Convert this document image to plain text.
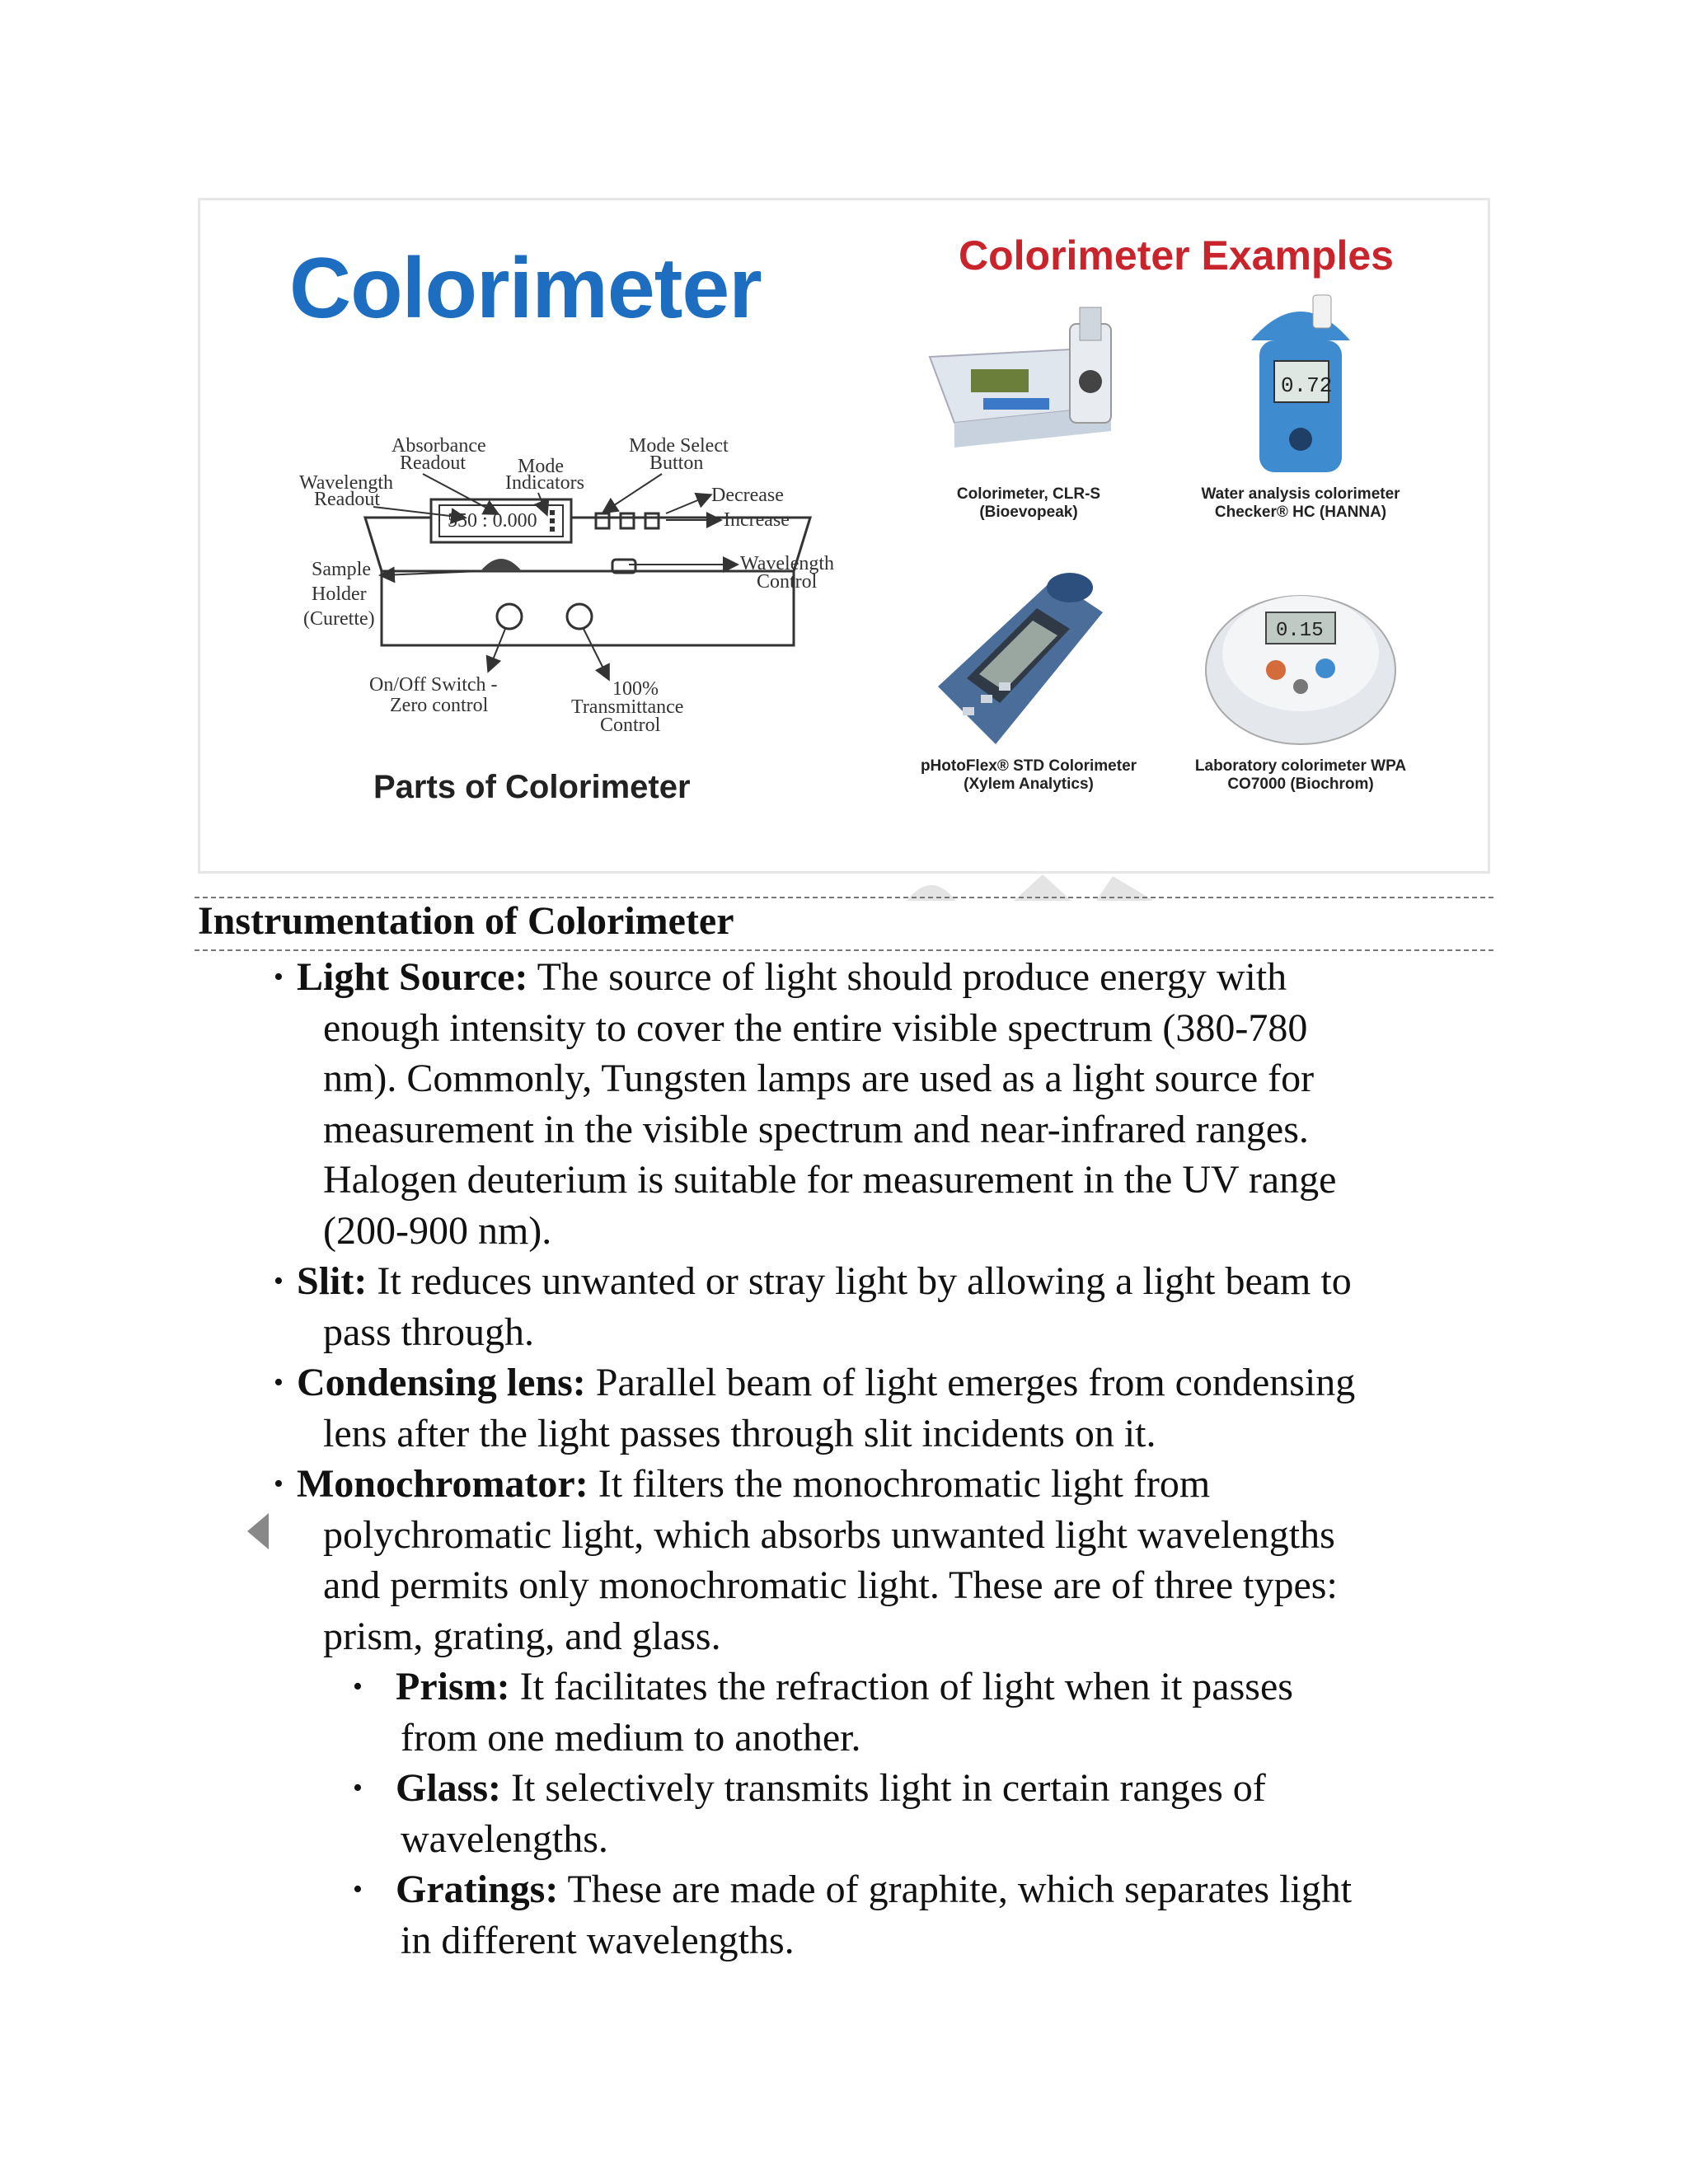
Colorimeter	Colorimeter Examples
550 : 0.000
Absorbance
Readout	Mode
Indicators
Mode Select
Button
Wavelength
Readout	Decrease
Increase
Sample
Holder
(Curette)
Wavelength
Control
On/Off Switch -
Zero control
100%
Transmittance
Control
Parts of Colorimeter
Colorimeter, CLR-S
(Bioevopeak)
0.72
Water analysis colorimeter
Checker® HC (HANNA)
pHotoFlex® STD Colorimeter
(Xylem Analytics)
0.15
Laboratory colorimeter WPA
CO7000 (Biochrom)
Instrumentation of Colorimeter
• Light Source: The source of light should produce energy with
enough intensity to cover the entire visible spectrum (380-780
nm). Commonly, Tungsten lamps are used as a light source for
measurement in the visible spectrum and near-infrared ranges.
Halogen deuterium is suitable for measurement in the UV range
(200-900 nm).
• Slit: It reduces unwanted or stray light by allowing a light beam to
pass through.
• Condensing lens: Parallel beam of light emerges from condensing
lens after the light passes through slit incidents on it.
• Monochromator: It filters the monochromatic light from
polychromatic light, which absorbs unwanted light wavelengths
and permits only monochromatic light. These are of three types:
prism, grating, and glass.
• Prism: It facilitates the refraction of light when it passes
from one medium to another.
• Glass: It selectively transmits light in certain ranges of
wavelengths.
• Gratings: These are made of graphite, which separates light
in different wavelengths.
